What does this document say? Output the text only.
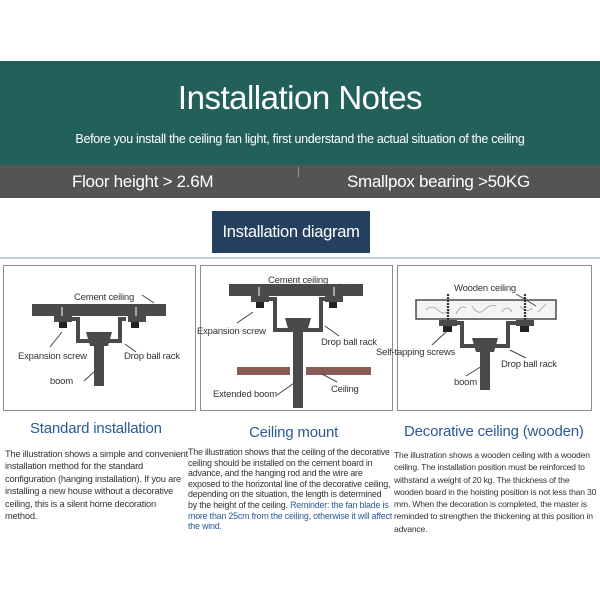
Installation Notes
Before you install the ceiling fan light, first understand the actual situation of the ceiling
Floor height > 2.6M	Smallpox bearing >50KG
Installation diagram
Cement ceiling
Expansion screw	Drop ball rack
boom
Cement ceiling
Expansion screw
Drop ball rack
Ceiling
Extended boom
Wooden ceiling
Self-tapping screws
Drop ball rack
boom
Standard installation	Ceiling mount	Decorative ceiling (wooden)
The illustration shows a simple and convenient installation method for the standard configuration (hanging installation). If you are installing a new house without a decorative ceiling, this is a silent home decoration method.
The illustration shows that the ceiling of the decorative ceiling should be installed on the cement board in advance, and the hanging rod and the wire are exposed to the horizontal line of the decorative ceiling, depending on the situation, the length is determined by the height of the ceiling. Reminder: the fan blade is more than 25cm from the ceiling, otherwise it will affect the wind.
The illustration shows a wooden ceiling with a wooden ceiling. The installation position must be reinforced to withstand a weight of 20 kg. The thickness of the wooden board in the hoisting position is not less than 30 mm. When the decoration is completed, the master is reminded to strengthen the thickening at this position in advance.
